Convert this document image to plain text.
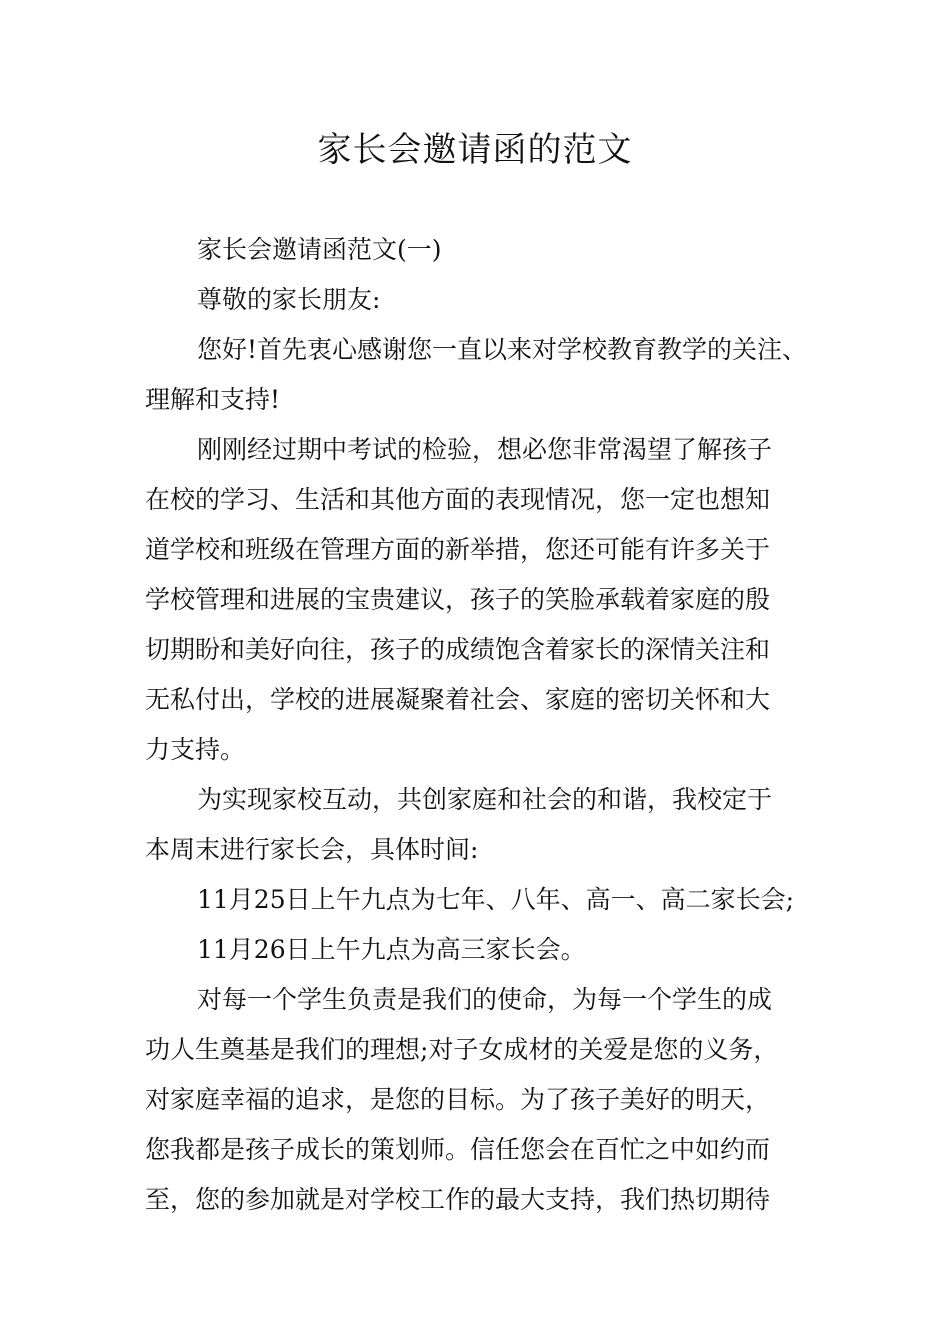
家长会邀请函的范文

家长会邀请函范文(一)

尊敬的家长朋友:

您好!首先衷心感谢您一直以来对学校教育教学的关注、

理解和支持!

刚刚经过期中考试的检验，想必您非常渴望了解孩子

在校的学习、生活和其他方面的表现情况，您一定也想知

道学校和班级在管理方面的新举措，您还可能有许多关于

学校管理和进展的宝贵建议，孩子的笑脸承载着家庭的殷

切期盼和美好向往，孩子的成绩饱含着家长的深情关注和

无私付出，学校的进展凝聚着社会、家庭的密切关怀和大

力支持。

为实现家校互动，共创家庭和社会的和谐，我校定于

本周末进行家长会，具体时间:

11月25日上午九点为七年、八年、高一、高二家长会;

11月26日上午九点为高三家长会。

对每一个学生负责是我们的使命，为每一个学生的成

功人生奠基是我们的理想;对子女成材的关爱是您的义务，

对家庭幸福的追求，是您的目标。为了孩子美好的明天，

您我都是孩子成长的策划师。信任您会在百忙之中如约而

至，您的参加就是对学校工作的最大支持，我们热切期待
